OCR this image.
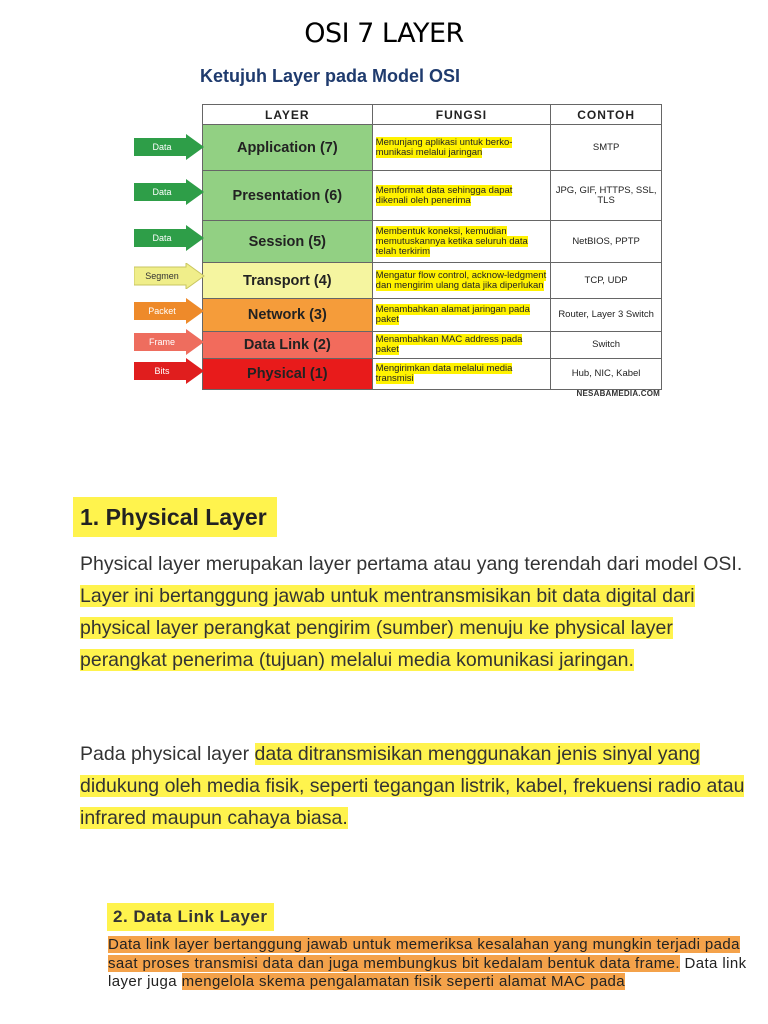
OSI 7 LAYER
Ketujuh Layer pada Model OSI
LAYER	FUNGSI	CONTOH
Application (7)	Menunjang aplikasi untuk berko-munikasi melalui jaringan	SMTP
Presentation (6)	Memformat data sehingga dapat dikenali oleh penerima	JPG, GIF, HTTPS, SSL, TLS
Session (5)	Membentuk koneksi, kemudian memutuskannya ketika seluruh data telah terkirim	NetBIOS, PPTP
Transport (4)	Mengatur flow control, acknow-ledgment dan mengirim ulang data jika diperlukan	TCP, UDP
Network (3)	Menambahkan alamat jaringan pada paket	Router, Layer 3 Switch
Data Link (2)	Menambahkan MAC address pada paket	Switch
Physical (1)	Mengirimkan data melalui media transmisi	Hub, NIC, Kabel
Data
Data
Data
Segmen
Packet
Frame
Bits
NESABAMEDIA.COM
1. Physical Layer
Physical layer merupakan layer pertama atau yang terendah dari model OSI. Layer ini bertanggung jawab untuk mentransmisikan bit data digital dari physical layer perangkat pengirim (sumber) menuju ke physical layer perangkat penerima (tujuan) melalui media komunikasi jaringan.
Pada physical layer data ditransmisikan menggunakan jenis sinyal yang didukung oleh media fisik, seperti tegangan listrik, kabel, frekuensi radio atau infrared maupun cahaya biasa.
2. Data Link Layer
Data link layer bertanggung jawab untuk memeriksa kesalahan yang mungkin terjadi pada saat proses transmisi data dan juga membungkus bit kedalam bentuk data frame. Data link layer juga mengelola skema pengalamatan fisik seperti alamat MAC pada
